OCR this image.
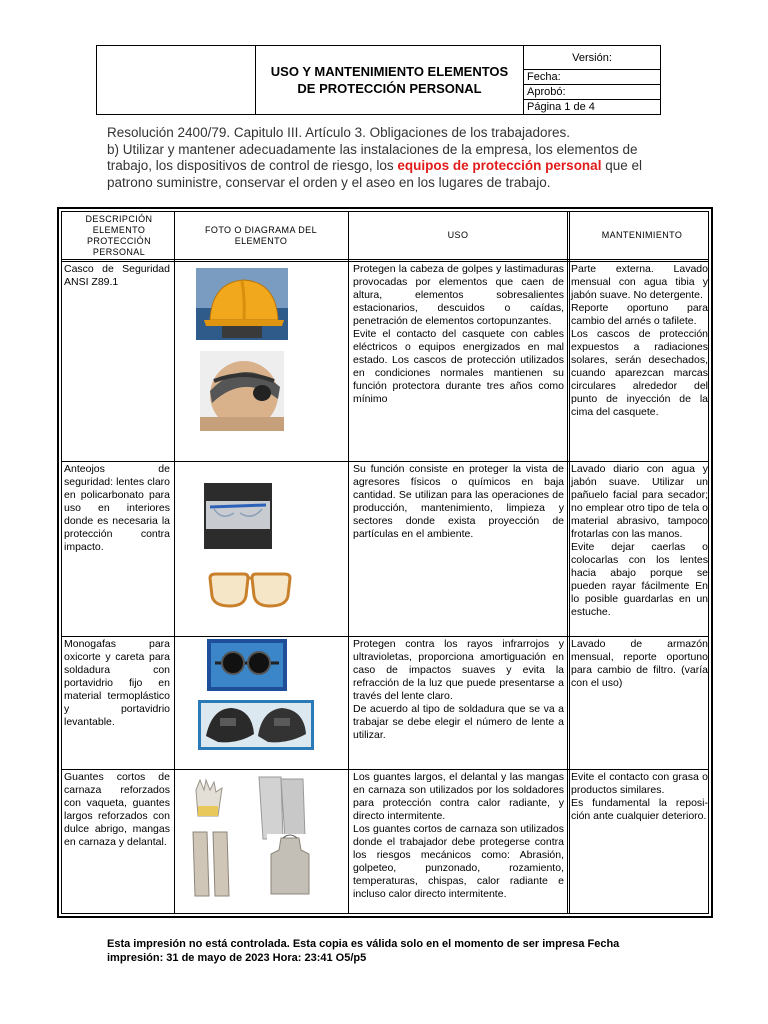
USO Y MANTENIMIENTO ELEMENTOS
DE PROTECCIÓN PERSONAL
Versión:
Fecha:
Aprobó:
Página 1 de 4

Resolución 2400/79. Capitulo III. Artículo 3. Obligaciones de los trabajadores.

b) Utilizar y mantener adecuadamente las instalaciones de la empresa, los elementos de trabajo, los dispositivos de control de riesgo, los equipos de protección personal que el patrono suministre, conservar el orden y el aseo en los lugares de trabajo.

DESCRIPCIÓN ELEMENTO PROTECCIÓN PERSONAL
FOTO O DIAGRAMA DEL ELEMENTO
USO	MANTENIMIENTO
Casco de Seguridad ANSI Z89.1

Protegen la cabeza de golpes y lastimaduras provocadas por elementos que caen de altura, elementos sobresalientes estacionarios, descuidos o caídas, penetración de elementos cortopunzantes.

Evite el contacto del casquete con cables eléctricos o equipos energizados en mal estado. Los cascos de protección utilizados en condiciones normales mantienen su función protectora durante tres años como mínimo

Parte externa. Lavado mensual con agua tibia y jabón suave. No detergente.

Reporte oportuno para cambio del arnés o tafilete.

Los cascos de protección expuestos a radiaciones solares, serán desechados, cuando aparezcan marcas circulares alrededor del punto de inyección de la cima del casquete.

Anteojos de seguridad: lentes claro en policarbonato para uso en interiores donde es necesaria la protección contra impacto.

Su función consiste en proteger la vista de agresores físicos o químicos en baja cantidad. Se utilizan para las operaciones de producción, mantenimiento, limpieza y sectores donde exista proyección de partículas en el ambiente.

Lavado diario con agua y jabón suave. Utilizar un pañuelo facial para secador; no emplear otro tipo de tela o material abrasivo, tampoco frotarlas con las manos.

Evite dejar caerlas o colocarlas con los lentes hacia abajo porque se pueden rayar fácilmente En lo posible guardarlas en un estuche.

Monogafas para oxicorte y careta para soldadura con portavidrio fijo en material termoplástico y portavidrio levantable.

Protegen contra los rayos infrarrojos y ultravioletas, proporciona amortiguación en caso de impactos suaves y evita la refracción de la luz que puede presentarse a través del lente claro.

De acuerdo al tipo de soldadura que se va a trabajar se debe elegir el número de lente a utilizar.

Lavado de armazón mensual, reporte oportuno para cambio de filtro. (varía con el uso)

Guantes cortos de carnaza reforzados con vaqueta, guantes largos reforzados con dulce abrigo, mangas en carnaza y delantal.

Los guantes largos, el delantal y las mangas en carnaza son utilizados por los soldadores para protección contra calor radiante, y directo intermitente.

Los guantes cortos de carnaza son utilizados donde el trabajador debe protegerse contra los riesgos mecánicos como: Abrasión, golpeteo, punzonado, rozamiento, temperaturas, chispas, calor radiante e incluso calor directo intermitente.

Evite el contacto con grasa o productos similares.

Es fundamental la reposi-ción ante cualquier deterioro.

Esta impresión no está controlada. Esta copia es válida solo en el momento de ser impresa Fecha
impresión: 31 de mayo de 2023 Hora: 23:41 O5/p5
